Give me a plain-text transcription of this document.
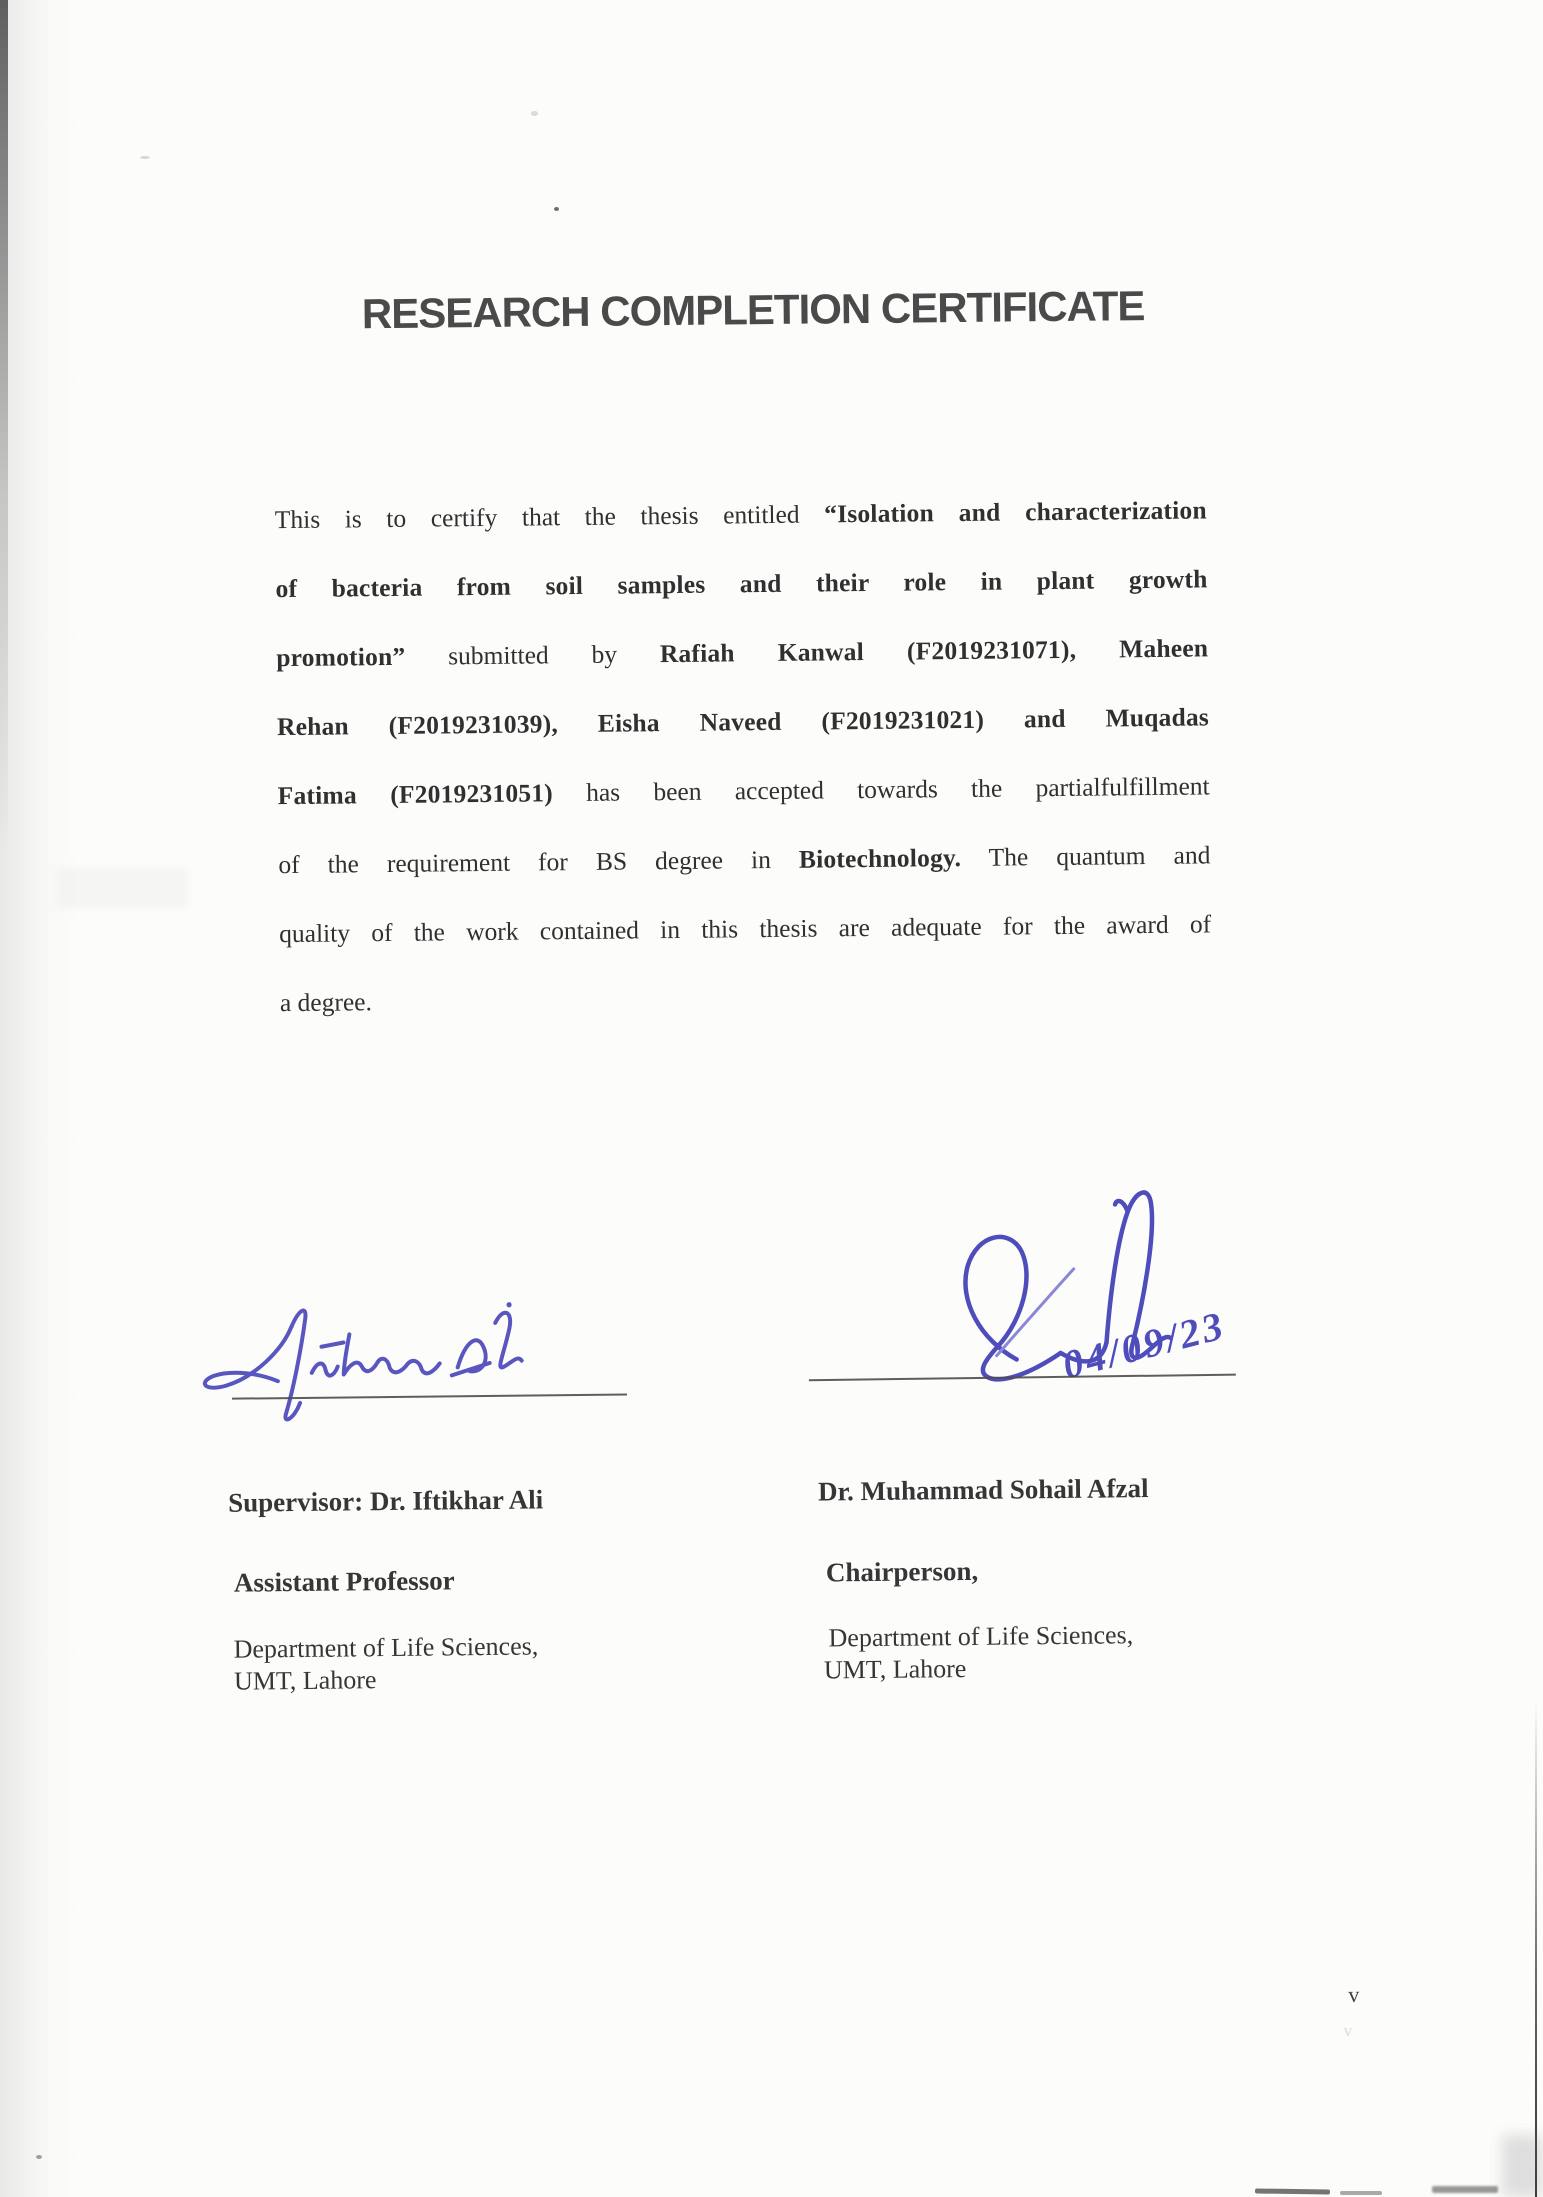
RESEARCH COMPLETION CERTIFICATE
This is to certify that the thesis entitled “Isolation and characterization
of bacteria from soil samples and their role in plant growth
promotion” submitted by Rafiah Kanwal (F2019231071), Maheen
Rehan (F2019231039), Eisha Naveed (F2019231021) and Muqadas
Fatima (F2019231051) has been accepted towards the partialfulfillment
of the requirement for BS degree in Biotechnology. The quantum and
quality of the work contained in this thesis are adequate for the award of
a degree.
04/09/23
Supervisor: Dr. Iftikhar Ali
Assistant Professor
Department of Life Sciences,
UMT, Lahore
Dr. Muhammad Sohail Afzal
Chairperson,
Department of Life Sciences,
UMT, Lahore
v
v
